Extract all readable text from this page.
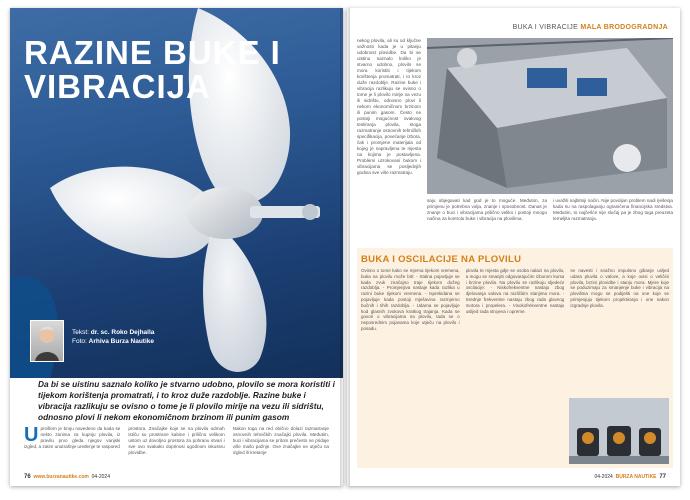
RAZINE BUKE I
VIBRACIJA
Tekst: dr. sc. Roko Dejhalla
Foto: Arhiva Burza Nautike

Da bi se uistinu saznalo koliko je stvarno udobno, plovilo se mora koristiti i tijekom korištenja promatrati, i to kroz duže razdoblje. Razine buke i vibracija razlikuju se ovisno o tome je li plovilo mirije na vezu ili sidrištu, odnosno plovi li nekom ekonomičnom brzinom ili punim gasom

Uprošlom je broju navedeno da kada se nekto zanima za kupnju plovila, iz pravilu prvo gleda njegov vanjski izgled, a zatim unutrašnje uređenje te raspored
prostora. Značajke koje se na plovilu odmah ističu su prostrane kabine i prilično velikom ustom uz dovoljno prostora za pohranu stvari i sve ovo svakako doprinosi ugodnom iskustvu plovidbe.
Nakon toga na red obično dolazi razmatranje osnovnih tehničkih značajki plovila. Međutim, buci i vibracijama se pritom prečesto ne pridaje više mašo pažnje. Ove značajke ne utječu na izgled ili kretanje
76 www.burzanautike.com 04-2024
BUKA I VIBRACIJE MALA BRODOGRADNJA
nekog plovila, ali su od ključne važnosti kada je u pitanju udobnost plovidbe. Da bi se uistinu saznalo koliko je stvarno udobno, plovilo se mora koristiti i tijekom korištenja promatrati, i to kroz duže razdoblje. Razine buke i vibracija razlikuju se ovisno o tome je li plovilo mirije na vezu ili sidrištu, odnosno plovi li nekom ekonomičnom brzinom ili punim gasom. Često ne postoji mogućnost ovakvog testiranja plovila, stoga razmatranje osnovnih tehničkih specifikacija, povećanje izbora, čak i promjene materijala od kojeg je napravljena te mjesta na kojima je postavljena. Problemi uzrokovani bukom i vibracijama se posljednjih godina sve više razmatraju.
saju objegavati kad god je to moguće. Međutim, za primjenu je potrebna volja, znanje i sposobnost. Danas je znanje o buci i vibracijama prilično veliko i postoji mnogo načina za kontrolu buke i vibracija na plovilima.
i uvažiti najbitniji način. Nije povoljan problem nadi rješenja kada su na raspolaganju ograničena financijska sredstva. Međutim, to najčešće nije slučaj pa je zbog toga preuzeta temeljita razmatranja.
BUKA I OSCILACIJE NA PLOVILU
Ovisno o tome kako se mjerna tijekom vremena, buka na plovilu može biti: - Stalna pojavljuje se kada zvuk značajno traje tijekom dužeg razdoblja. - Promjenjiva nastaje kada razlika u razini buke tijekom vremena. - Isprekidana se pojavljuje kada postoji mješavina razmjerno bučnih i tihih razdoblja. - Udarna se pojavljuje kod glasnih zvukova kratkog trajanja. Kada se govori o vibracijama na plovilu, tada se o neposrednim pojavama koje utječu na plovilo i posadu.
plovila te mjesta gdje se osoba nalazi na plovilu, a mogu se smanjiti odgovarajućim izborom kursa i brzine plovila. Na plovilu se razlikuju sljedeće oscilacije: - Niskofrekventne nastaju zbog djelovanja valova na različitim stanjima mora. - Srednje frekventne nastaju zbog rada glavnog motora i propelera. - Visokofrekventne nastaju uslijed rada strojeva i opreme.
se navesti i snažno impulsno gibanje usljed udara pluvila o valove, a koje ovisi o veličini plovila, brzini plovidbe i stanju mora. Mjere koje se poduzimaju za smanjenje buke i vibracija na plovilima mogu se podijeliti na one koje se primjenjuju tijekom projektiranja i one nakon izgradnje plovila.
04-2024 BURZA NAUTIKE 77
